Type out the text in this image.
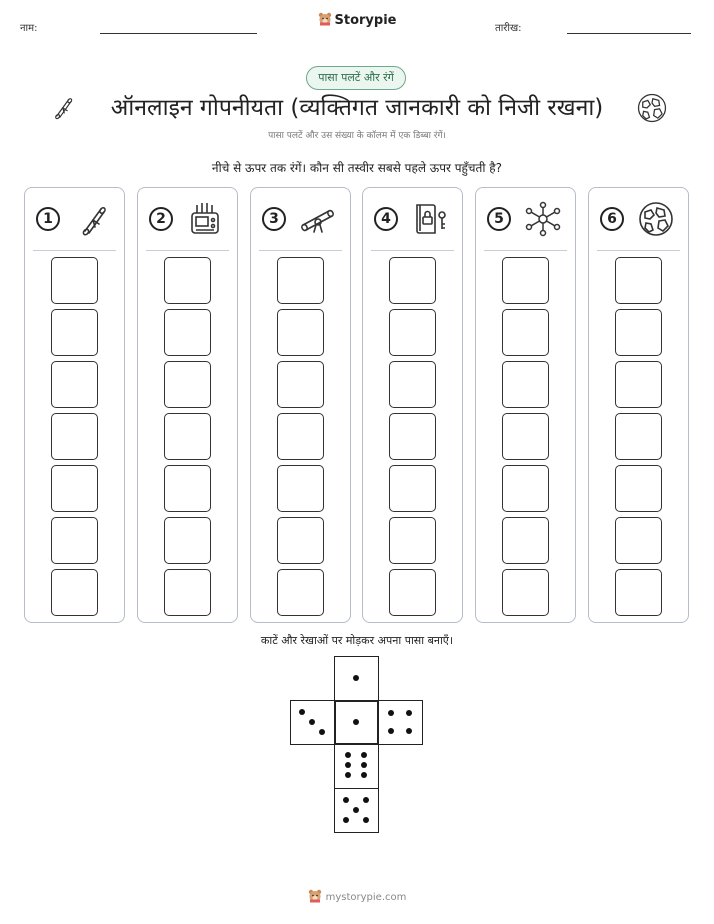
नाम:
Storypie
तारीख:
पासा पलटें और रंगें
ऑनलाइन गोपनीयता (व्यक्तिगत जानकारी को निजी रखना)
पासा पलटें और उस संख्या के कॉलम में एक डिब्बा रंगें।
नीचे से ऊपर तक रंगें। कौन सी तस्वीर सबसे पहले ऊपर पहुँचती है?
1	2	3	4	5	6
काटें और रेखाओं पर मोड़कर अपना पासा बनाएँ।
mystorypie.com
